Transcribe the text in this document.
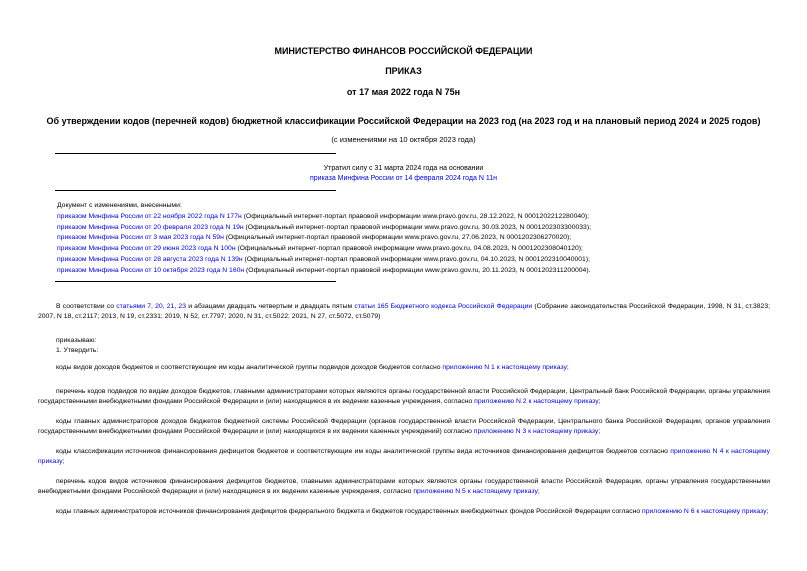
МИНИСТЕРСТВО ФИНАНСОВ РОССИЙСКОЙ ФЕДЕРАЦИИ
ПРИКАЗ
от 17 мая 2022 года N 75н
Об утверждении кодов (перечней кодов) бюджетной классификации Российской Федерации на 2023 год (на 2023 год и на плановый период 2024 и 2025 годов)
(с изменениями на 10 октября 2023 года)
Утратил силу с 31 марта 2024 года на основании
приказа Минфина России от 14 февраля 2024 года N 11н
Документ с изменениями, внесенными:
приказом Минфина России от 22 ноября 2022 года N 177н (Официальный интернет-портал правовой информации www.pravo.gov.ru, 28.12.2022, N 0001202212280040);
приказом Минфина России от 20 февраля 2023 года N 19н (Официальный интернет-портал правовой информации www.pravo.gov.ru, 30.03.2023, N 0001202303300033);
приказом Минфина России от 3 мая 2023 года N 59н (Официальный интернет-портал правовой информации www.pravo.gov.ru, 27.06.2023, N 0001202306270020);
приказом Минфина России от 29 июня 2023 года N 100н (Официальный интернет-портал правовой информации www.pravo.gov.ru, 04.08.2023, N 0001202308040120);
приказом Минфина России от 28 августа 2023 года N 139н (Официальный интернет-портал правовой информации www.pravo.gov.ru, 04.10.2023, N 0001202310040001);
приказом Минфина России от 10 октября 2023 года N 160н (Официальный интернет-портал правовой информации www.pravo.gov.ru, 20.11.2023, N 0001202311200004).
В соответствии со статьями 7, 20, 21, 23 и абзацами двадцать четвертым и двадцать пятым статьи 165 Бюджетного кодекса Российской Федерации (Собрание законодательства Российской Федерации, 1998, N 31, ст.3823; 2007, N 18, ст.2117; 2013, N 19, ст.2331; 2019, N 52, ст.7797; 2020, N 31, ст.5022; 2021, N 27, ст.5072, ст.5079)
приказываю:
1. Утвердить:
коды видов доходов бюджетов и соответствующие им коды аналитической группы подвидов доходов бюджетов согласно приложению N 1 к настоящему приказу;
перечень кодов подвидов по видам доходов бюджетов, главными администраторами которых являются органы государственной власти Российской Федерации, Центральный банк Российской Федерации, органы управления государственными внебюджетными фондами Российской Федерации и (или) находящиеся в их ведении казенные учреждения, согласно приложению N 2 к настоящему приказу;
коды главных администраторов доходов бюджетов бюджетной системы Российской Федерации (органов государственной власти Российской Федерации, Центрального банка Российской Федерации, органов управления государственными внебюджетными фондами Российской Федерации и (или) находящихся в их ведении казенных учреждений) согласно приложению N 3 к настоящему приказу;
коды классификации источников финансирования дефицитов бюджетов и соответствующие им коды аналитической группы вида источников финансирования дефицитов бюджетов согласно приложению N 4 к настоящему приказу;
перечень кодов видов источников финансирования дефицитов бюджетов, главными администраторами которых являются органы государственной власти Российской Федерации, органы управления государственными внебюджетными фондами Российской Федерации и (или) находящиеся в их ведении казенные учреждения, согласно приложению N 5 к настоящему приказу;
коды главных администраторов источников финансирования дефицитов федерального бюджета и бюджетов государственных внебюджетных фондов Российской Федерации согласно приложению N 6 к настоящему приказу;
